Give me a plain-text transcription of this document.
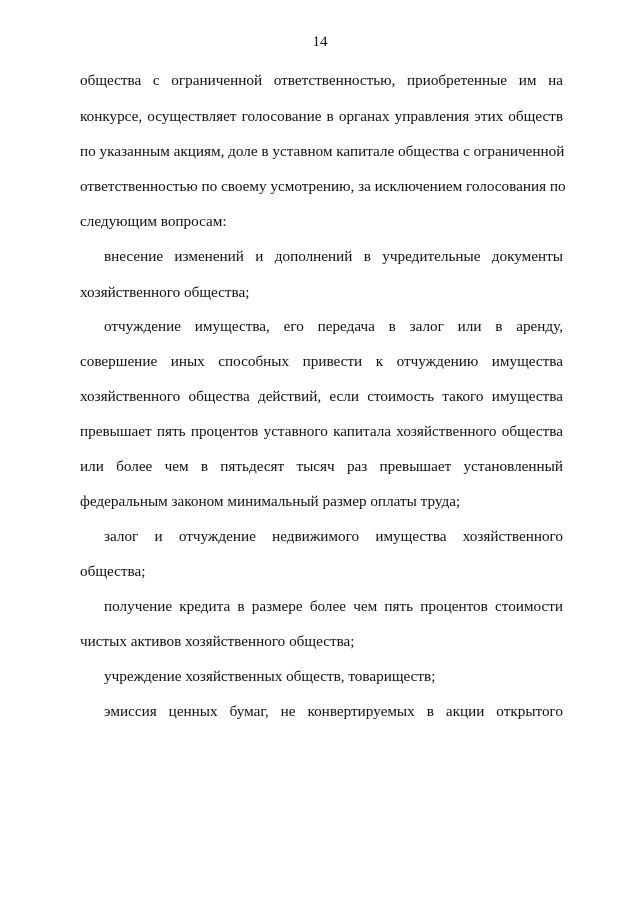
14
общества с ограниченной ответственностью, приобретенные им на
конкурсе, осуществляет голосование в органах управления этих обществ
по указанным акциям, доле в уставном капитале общества с ограниченной
ответственностью по своему усмотрению, за исключением голосования по
следующим вопросам:
внесение изменений и дополнений в учредительные документы
хозяйственного общества;
отчуждение имущества, его передача в залог или в аренду,
совершение иных способных привести к отчуждению имущества
хозяйственного общества действий, если стоимость такого имущества
превышает пять процентов уставного капитала хозяйственного общества
или более чем в пятьдесят тысяч раз превышает установленный
федеральным законом минимальный размер оплаты труда;
залог и отчуждение недвижимого имущества хозяйственного
общества;
получение кредита в размере более чем пять процентов стоимости
чистых активов хозяйственного общества;
учреждение хозяйственных обществ, товариществ;
эмиссия ценных бумаг, не конвертируемых в акции открытого
